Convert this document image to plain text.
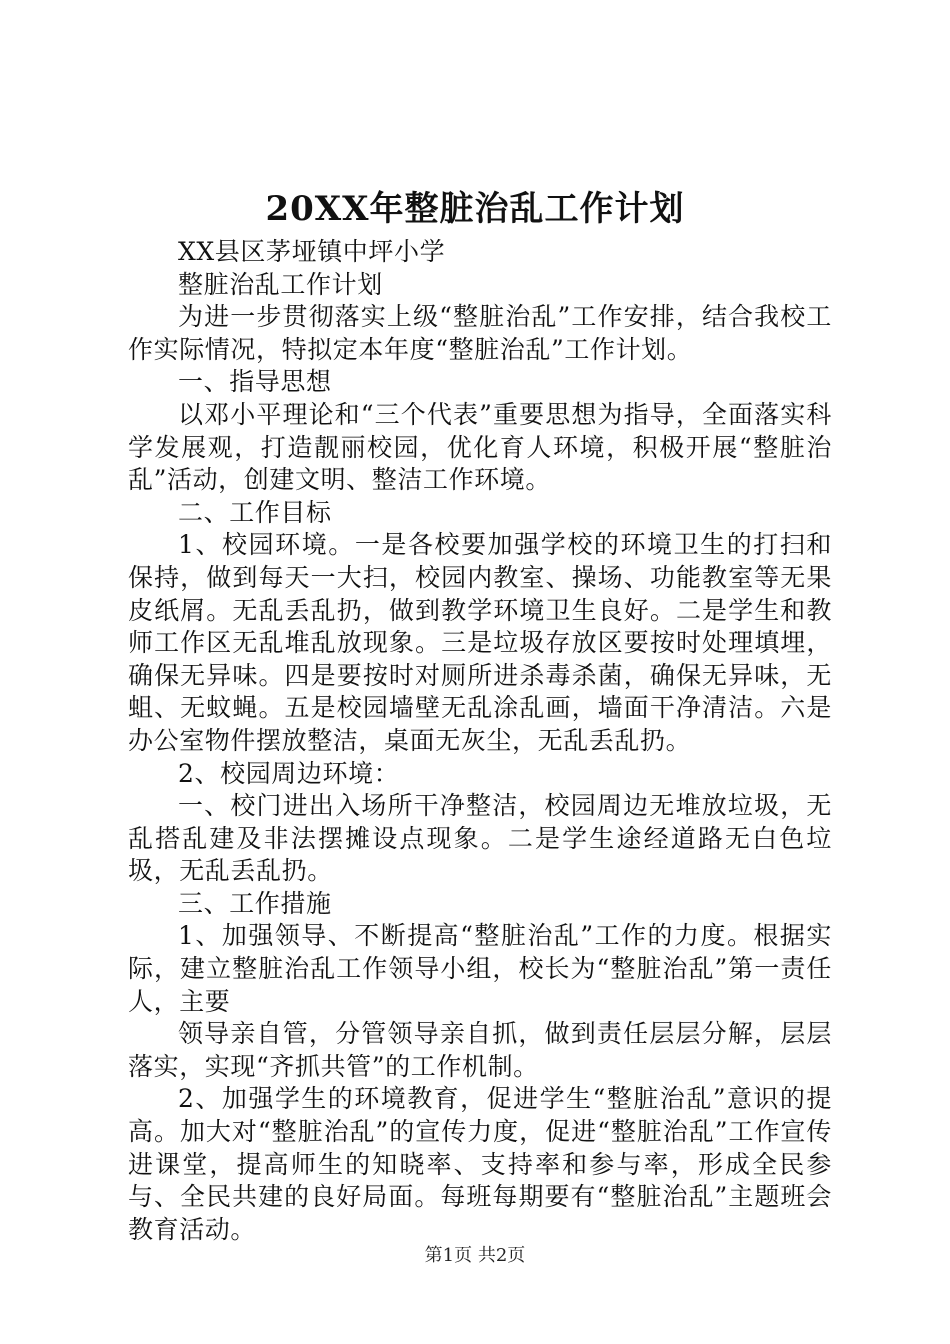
20XX年整脏治乱工作计划

XX县区茅垭镇中坪小学

整脏治乱工作计划

为进一步贯彻落实上级“整脏治乱”工作安排，结合我校工作实际情况，特拟定本年度“整脏治乱”工作计划。

一、指导思想

以邓小平理论和“三个代表”重要思想为指导，全面落实科学发展观，打造靓丽校园，优化育人环境，积极开展“整脏治乱”活动，创建文明、整洁工作环境。

二、工作目标

1、校园环境。一是各校要加强学校的环境卫生的打扫和保持，做到每天一大扫，校园内教室、操场、功能教室等无果皮纸屑。无乱丢乱扔，做到教学环境卫生良好。二是学生和教师工作区无乱堆乱放现象。三是垃圾存放区要按时处理填埋，确保无异味。四是要按时对厕所进杀毒杀菌，确保无异味，无蛆、无蚊蝇。五是校园墙壁无乱涂乱画，墙面干净清洁。六是办公室物件摆放整洁，桌面无灰尘，无乱丢乱扔。

2、校园周边环境：

一、校门进出入场所干净整洁，校园周边无堆放垃圾，无乱搭乱建及非法摆摊设点现象。二是学生途经道路无白色垃圾，无乱丢乱扔。

三、工作措施

1、加强领导、不断提高“整脏治乱”工作的力度。根据实际，建立整脏治乱工作领导小组，校长为“整脏治乱”第一责任人，主要

领导亲自管，分管领导亲自抓，做到责任层层分解，层层落实，实现“齐抓共管”的工作机制。

2、加强学生的环境教育，促进学生“整脏治乱”意识的提高。加大对“整脏治乱”的宣传力度，促进“整脏治乱”工作宣传进课堂，提高师生的知晓率、支持率和参与率，形成全民参与、全民共建的良好局面。每班每期要有“整脏治乱”主题班会教育活动。

第1页 共2页
